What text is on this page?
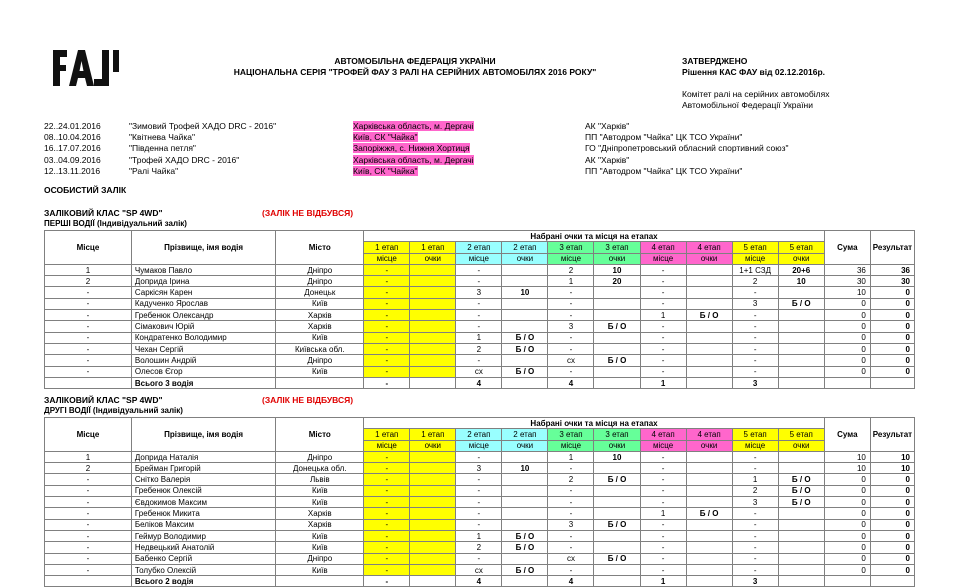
АВТОМОБІЛЬНА ФЕДЕРАЦІЯ УКРАЇНИ
НАЦІОНАЛЬНА СЕРІЯ "ТРОФЕЙ ФАУ З РАЛІ НА СЕРІЙНИХ АВТОМОБІЛЯХ 2016 РОКУ"
ЗАТВЕРДЖЕНО
Рішення КАС ФАУ від 02.12.2016р.
Комітет ралі на серійних автомобілях
Автомобільної Федерації України
22..24.01.2016	"Зимовий Трофей ХАДО DRC - 2016"	Харківська область, м. Дергачі	АК "Харків"
08..10.04.2016	"Квітнева Чайка"	Київ, СК "Чайка"	ПП "Автодром "Чайка" ЦК ТСО України"
16..17.07.2016	"Південна петля"	Запоріжжя, с. Нижня Хортиця	ГО "Дніпропетровський обласний спортивний союз"
03..04.09.2016	"Трофей ХАДО DRC - 2016"	Харківська область, м. Дергачі	АК "Харків"
12..13.11.2016	"Ралі Чайка"	Київ, СК "Чайка"	ПП "Автодром "Чайка" ЦК ТСО України"
ОСОБИСТИЙ ЗАЛІК
ЗАЛІКОВИЙ КЛАС "SP 4WD"	(ЗАЛІК НЕ ВІДБУВСЯ)
ПЕРШІ ВОДІЇ (Індивідуальний залік)
Місце	Прізвище, імя водія	Місто	Набрані очки та місця на етапах										Сума	Результат
			1 етап	1 етап	2 етап	2 етап	3 етап	3 етап	4 етап	4 етап	5 етап	5 етап		
			місце	очки	місце	очки	місце	очки	місце	очки	місце	очки		
1	Чумаков Павло	Дніпро	-		-		2	10	-		1+1 СЗД	20+6	36	36
2	Доприда Ірина	Дніпро	-		-		1	20	-		2	10	30	30
-	Саркісян Карен	Донецьк	-		3	10	-		-		-		10	0
-	Кадученко Ярослав	Київ	-		-		-		-		3	Б / О	0	0
-	Гребенюк Олександр	Харків	-		-		-		1	Б / О	-		0	0
-	Сімакович Юрій	Харків	-		-		3	Б / О	-		-		0	0
-	Кондратенко Володимир	Київ	-		1	Б / О	-		-		-		0	0
-	Чехан Сергій	Київська обл.	-		2	Б / О	-		-		-		0	0
-	Волошин Андрій	Дніпро	-		-		сх	Б / О	-		-		0	0
-	Олесов Єгор	Київ	-		сх	Б / О	-		-		-		0	0
	Всього 3 водія		-		4		4		1		3			
ЗАЛІКОВИЙ КЛАС "SP 4WD"	(ЗАЛІК НЕ ВІДБУВСЯ)
ДРУГІ ВОДІЇ (Індивідуальний залік)
Місце	Прізвище, імя водія	Місто	Набрані очки та місця на етапах										Сума	Результат
			1 етап	1 етап	2 етап	2 етап	3 етап	3 етап	4 етап	4 етап	5 етап	5 етап		
			місце	очки	місце	очки	місце	очки	місце	очки	місце	очки		
1	Доприда Наталія	Дніпро	-		-		1	10	-		-		10	10
2	Брейман Григорій	Донецька обл.	-		3	10	-		-		-		10	10
-	Снітко Валерія	Львів	-		-		2	Б / О	-		1	Б / О	0	0
-	Гребенюк Олексій	Київ	-		-		-		-		2	Б / О	0	0
-	Євдокимов Максим	Київ	-		-		-		-		3	Б / О	0	0
-	Гребенюк Микита	Харків	-		-		-		1	Б / О	-		0	0
-	Беліков Максим	Харків	-		-		3	Б / О	-		-		0	0
-	Геймур Володимир	Київ	-		1	Б / О	-		-		-		0	0
-	Недвецький Анатолій	Київ	-		2	Б / О	-		-		-		0	0
-	Бабенко Сергій	Дніпро	-		-		сх	Б / О	-		-		0	0
-	Толубко Олексій	Київ	-		сх	Б / О	-		-		-		0	0
	Всього 2 водія		-		4		4		1		3			
